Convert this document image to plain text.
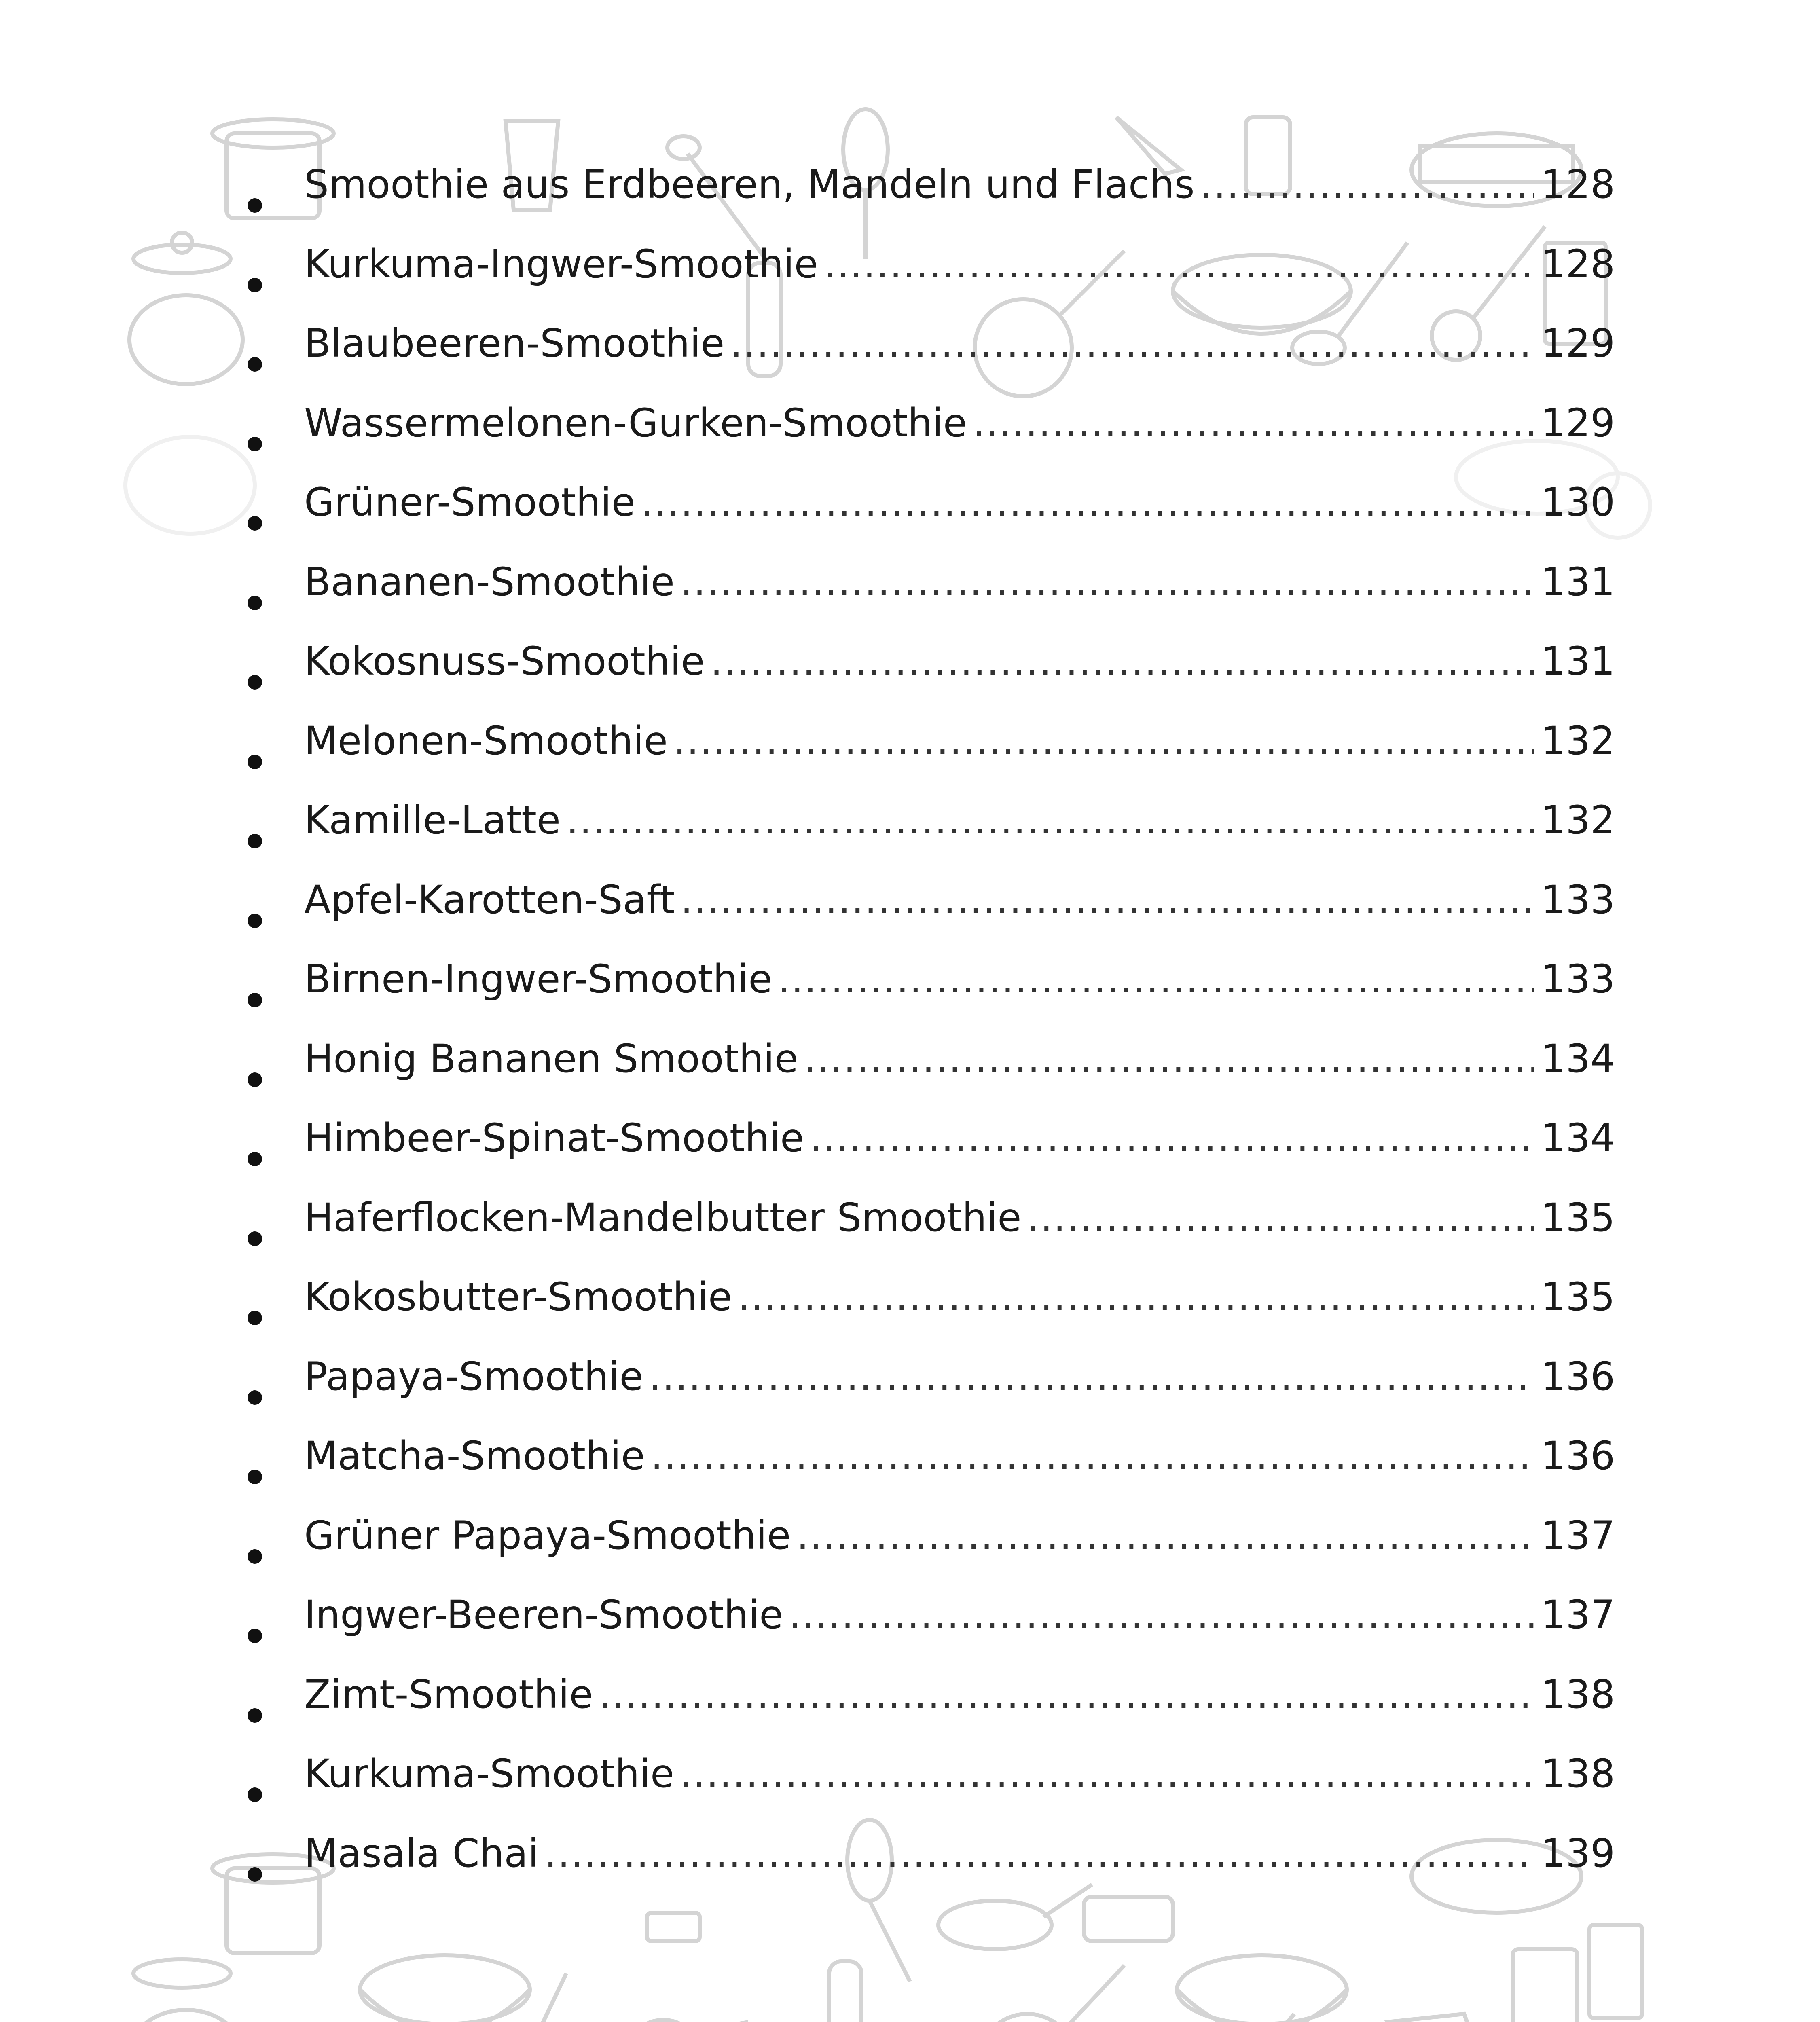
Smoothie aus Erdbeeren, Mandeln und Flachs .....	128
Kurkuma-Ingwer-Smoothie .....	128
Blaubeeren-Smoothie .....	129
Wassermelonen-Gurken-Smoothie .....	129
Grüner-Smoothie .....	130
Bananen-Smoothie .....	131
Kokosnuss-Smoothie .....	131
Melonen-Smoothie .....	132
Kamille-Latte .....	132
Apfel-Karotten-Saft .....	133
Birnen-Ingwer-Smoothie .....	133
Honig Bananen Smoothie .....	134
Himbeer-Spinat-Smoothie .....	134
Haferflocken-Mandelbutter Smoothie .....	135
Kokosbutter-Smoothie .....	135
Papaya-Smoothie .....	136
Matcha-Smoothie .....	136
Grüner Papaya-Smoothie .....	137
Ingwer-Beeren-Smoothie .....	137
Zimt-Smoothie .....	138
Kurkuma-Smoothie .....	138
Masala Chai .....	139
